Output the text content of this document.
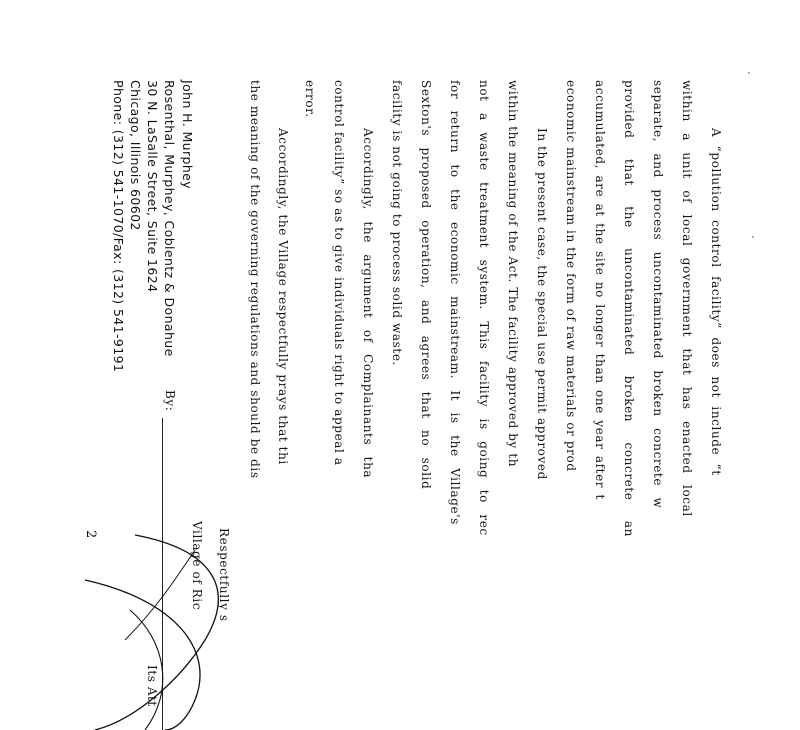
A “pollution control facility” does not include “t
within a unit of local government that has enacted local
separate, and process uncontaminated broken concrete w
provided that the uncontaminated broken concrete an
accumulated, are at the site no longer than one year after t
economic mainstream in the form of raw materials or prod
In the present case, the special use permit approved
within the meaning of the Act. The facility approved by th
not a waste treatment system. This facility is going to rec
for return to the economic mainstream. It is the Village's
Sexton's proposed operation, and agrees that no solid
facility is not going to process solid waste.
Accordingly, the argument of Complainants tha
control facility” so as to give individuals right to appeal a
error.
Accordingly, the Village respectfully prays that thi
the meaning of the governing regulations and should be dis
Respectfully s
Village of Ric
By:
Its Att
John H. Murphey
Rosenthal, Murphey, Coblentz & Donahue
30 N. LaSalle Street, Suite 1624
Chicago, Illinois 60602
Phone: (312) 541-1070/Fax: (312) 541-9191
2
